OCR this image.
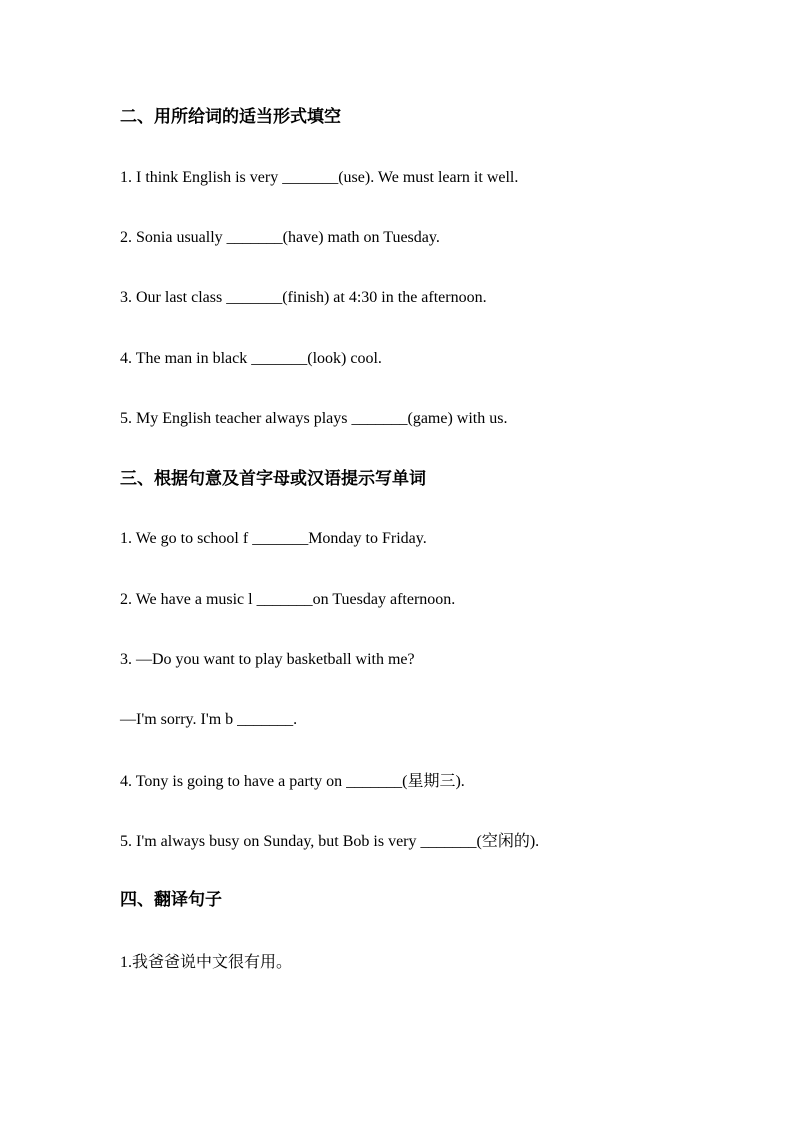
二、用所给词的适当形式填空
1. I think English is very _______(use). We must learn it well.
2. Sonia usually _______(have) math on Tuesday.
3. Our last class _______(finish) at 4:30 in the afternoon.
4. The man in black _______(look) cool.
5. My English teacher always plays _______(game) with us.
三、根据句意及首字母或汉语提示写单词
1. We go to school f _______Monday to Friday.
2. We have a music l _______on Tuesday afternoon.
3. —Do you want to play basketball with me?
—I'm sorry. I'm b _______.
4. Tony is going to have a party on _______(星期三).
5. I'm always busy on Sunday, but Bob is very _______(空闲的).
四、翻译句子
1.我爸爸说中文很有用。
